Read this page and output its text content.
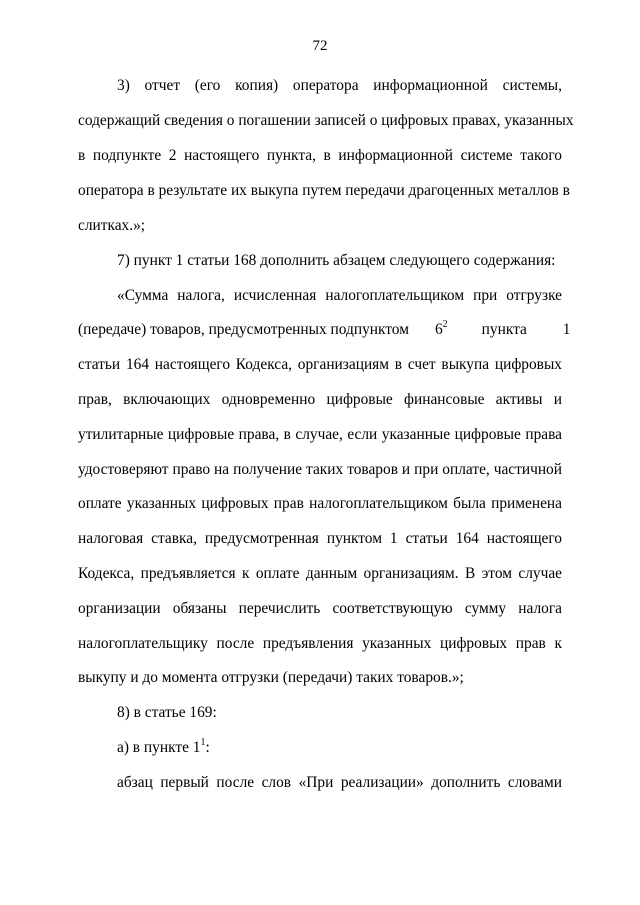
72
3) отчет (его копия) оператора информационной системы,
содержащий сведения о погашении записей о цифровых правах, указанных
в подпункте 2 настоящего пункта, в информационной системе такого
оператора в результате их выкупа путем передачи драгоценных металлов в
слитках.»;
7) пункт 1 статьи 168 дополнить абзацем следующего содержания:
«Сумма налога, исчисленная налогоплательщиком при отгрузке
(передаче) товаров, предусмотренных подпунктом	$6^2$ пункта 1
статьи 164 настоящего Кодекса, организациям в счет выкупа цифровых
прав, включающих одновременно цифровые финансовые активы и
утилитарные цифровые права, в случае, если указанные цифровые права
удостоверяют право на получение таких товаров и при оплате, частичной
оплате указанных цифровых прав налогоплательщиком была применена
налоговая ставка, предусмотренная пунктом 1 статьи 164 настоящего
Кодекса, предъявляется к оплате данным организациям. В этом случае
организации обязаны перечислить соответствующую сумму налога
налогоплательщику после предъявления указанных цифровых прав к
выкупу и до момента отгрузки (передачи) таких товаров.»;
8) в статье 169:
а) в пункте $1^1$:
абзац первый после слов «При реализации» дополнить словами
